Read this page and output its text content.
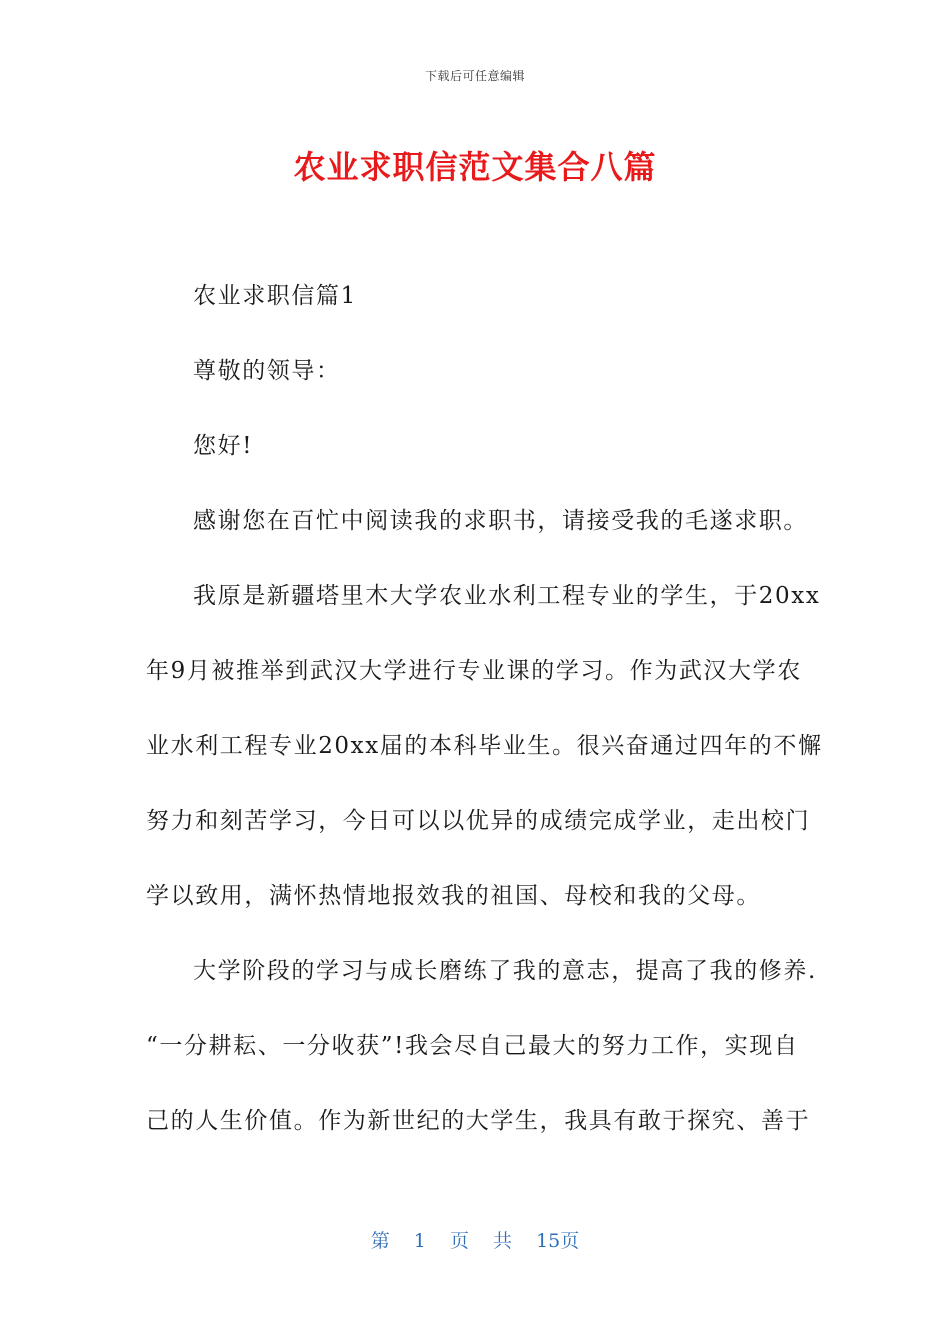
下载后可任意编辑
农业求职信范文集合八篇
农业求职信篇1
尊敬的领导：
您好!
感谢您在百忙中阅读我的求职书，请接受我的毛遂求职。
我原是新疆塔里木大学农业水利工程专业的学生，于20xx
年9月被推举到武汉大学进行专业课的学习。作为武汉大学农
业水利工程专业20xx届的本科毕业生。很兴奋通过四年的不懈
努力和刻苦学习，今日可以以优异的成绩完成学业，走出校门
学以致用，满怀热情地报效我的祖国、母校和我的父母。
大学阶段的学习与成长磨练了我的意志，提高了我的修养.
“一分耕耘、一分收获”!我会尽自己最大的努力工作，实现自
己的人生价值。作为新世纪的大学生，我具有敢于探究、善于
第 1 页 共 15页
